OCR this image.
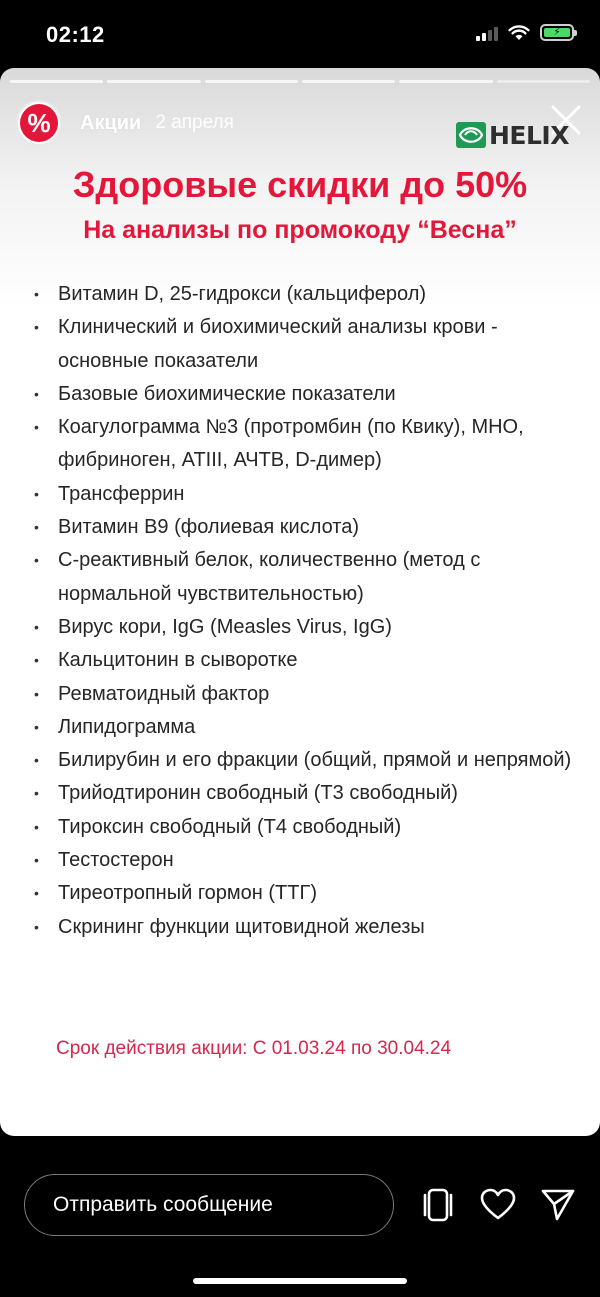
02:12	⚡
%	Акции 2 апреля	HELIX
Здоровые скидки до 50%
На анализы по промокоду “Весна”
• Витамин D, 25-гидрокси (кальциферол)
• Клинический и биохимический анализы крови - основные показатели
• Базовые биохимические показатели
• Коагулограмма №3 (протромбин (по Квику), МНО, фибриноген, АТIII, АЧТВ, D-димер)
• Трансферрин
• Витамин B9 (фолиевая кислота)
• С-реактивный белок, количественно (метод с нормальной чувствительностью)
• Вирус кори, IgG (Measles Virus, IgG)
• Кальцитонин в сыворотке
• Ревматоидный фактор
• Липидограмма
• Билирубин и его фракции (общий, прямой и непрямой)
• Трийодтиронин свободный (Т3 свободный)
• Тироксин свободный (Т4 свободный)
• Тестостерон
• Тиреотропный гормон (ТТГ)
• Скрининг функции щитовидной железы
Срок действия акции: С 01.03.24 по 30.04.24
Отправить сообщение
